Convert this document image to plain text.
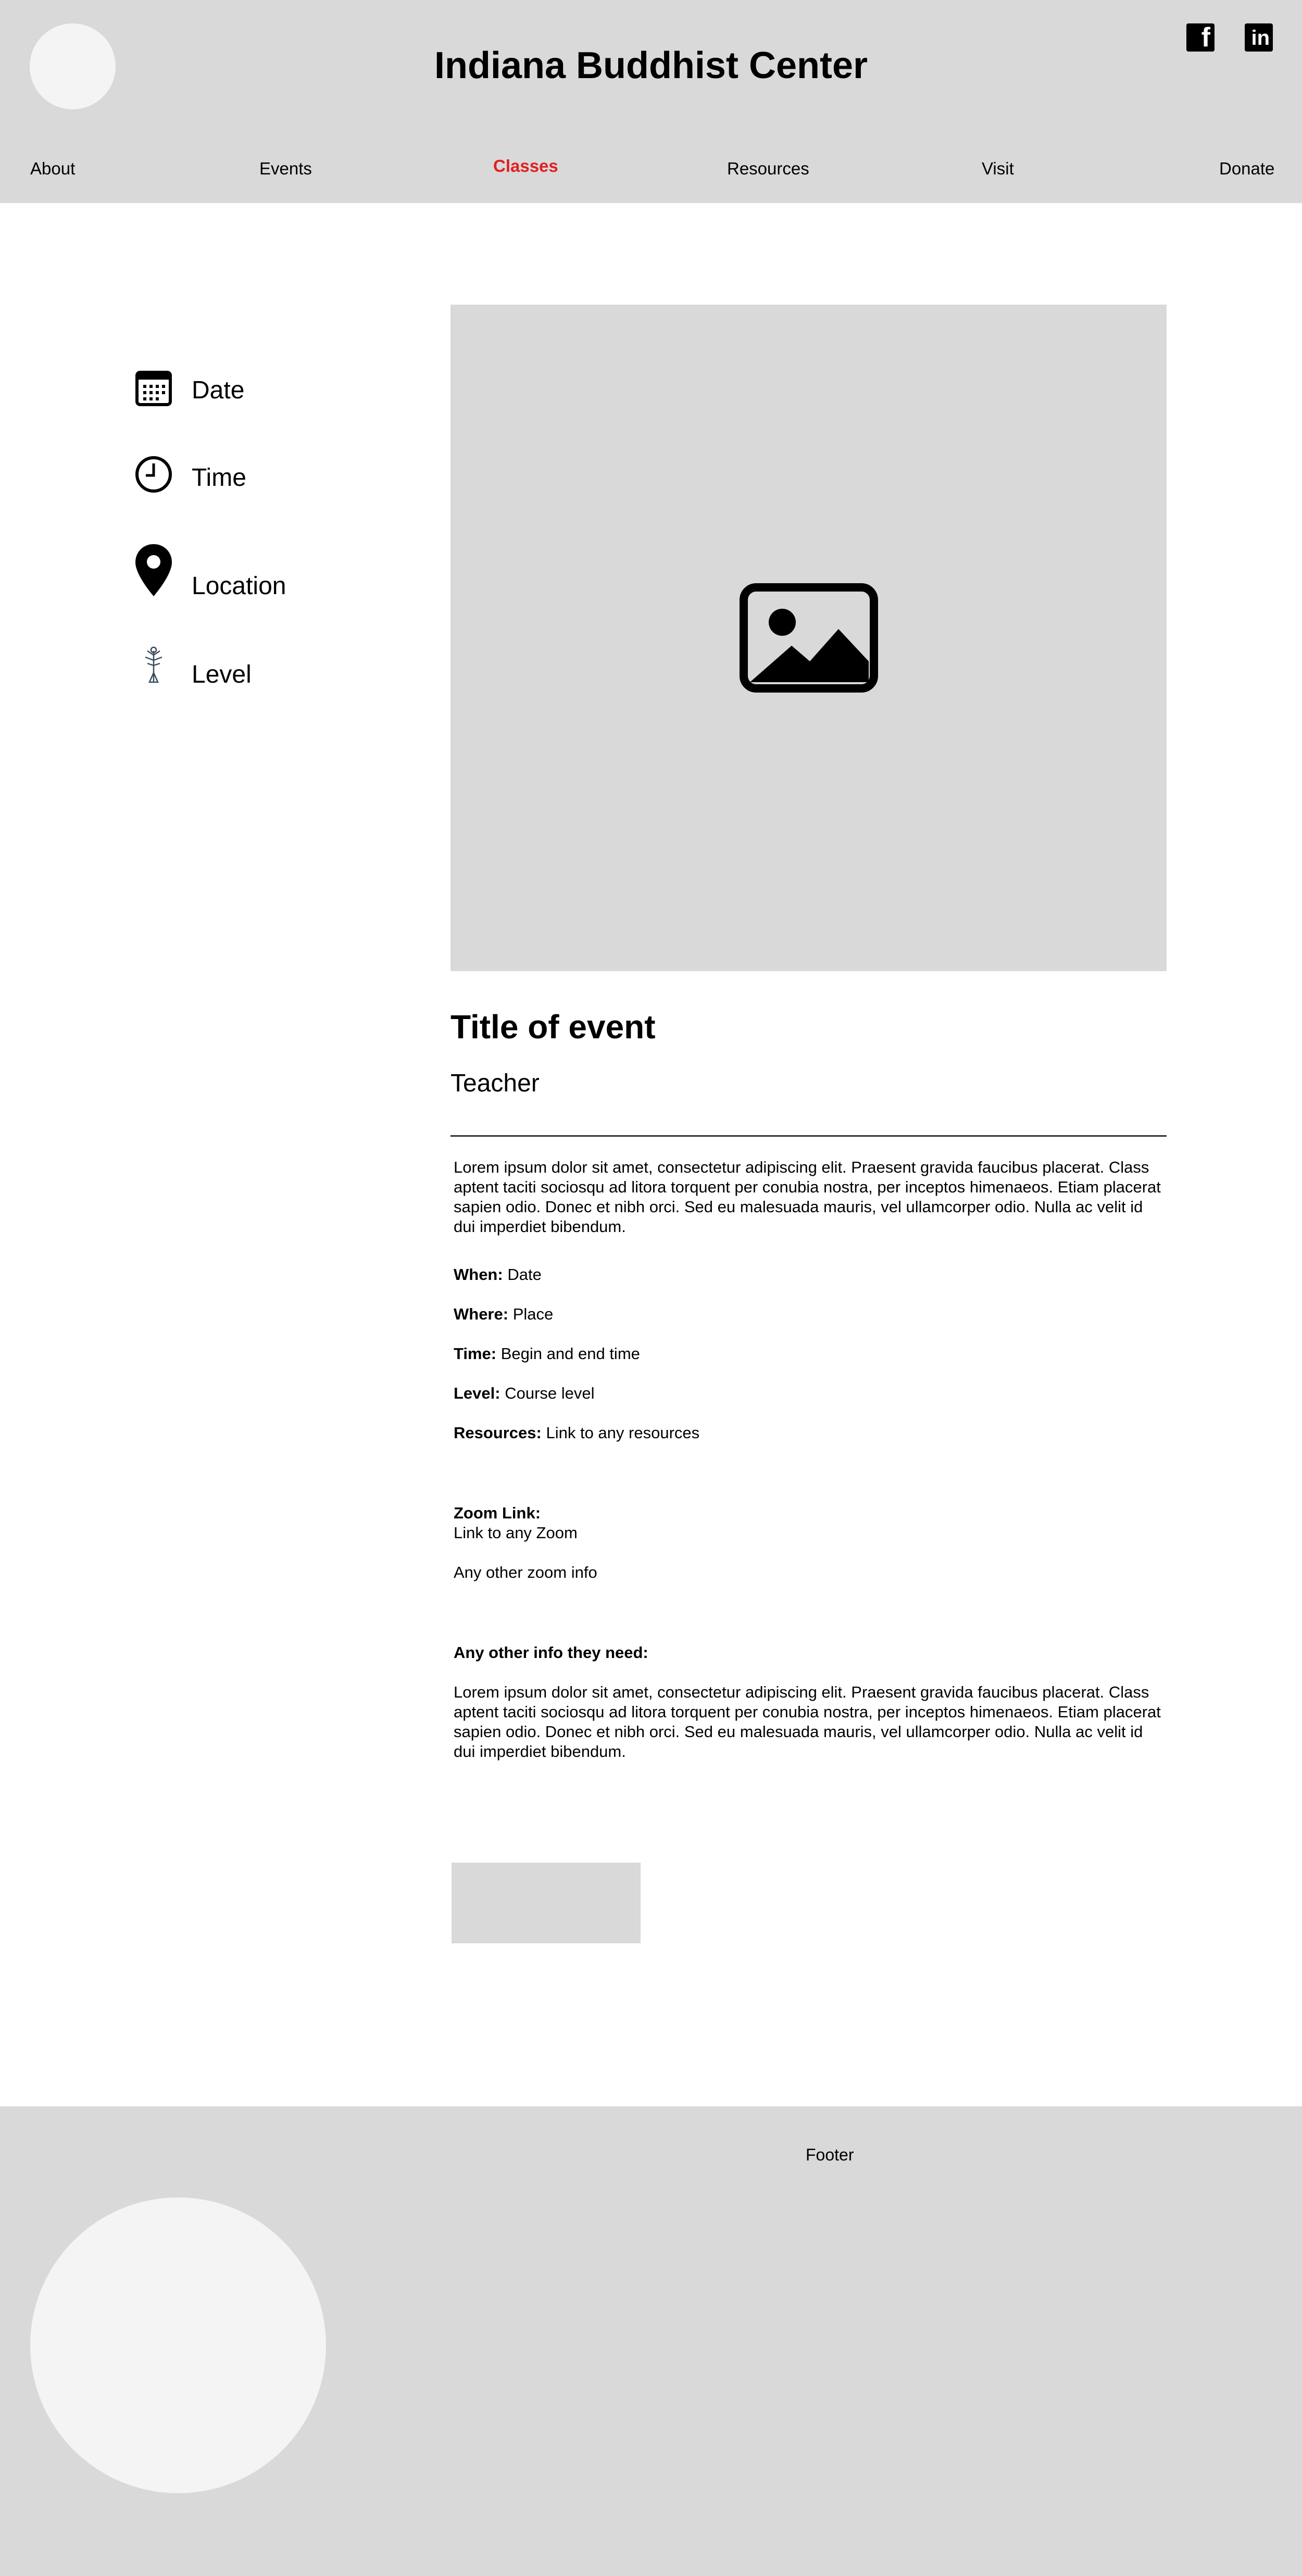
Indiana Buddhist Center
f	in
About	Events	Classes	Resources	Visit	Donate
Date
Time
Location
Level
Title of event
Teacher
Lorem ipsum dolor sit amet, consectetur adipiscing elit. Praesent gravida faucibus placerat. Class aptent taciti sociosqu ad litora torquent per conubia nostra, per inceptos himenaeos. Etiam placerat sapien odio. Donec et nibh orci. Sed eu malesuada mauris, vel ullamcorper odio. Nulla ac velit id dui imperdiet bibendum.
When: Date
Where: Place
Time: Begin and end time
Level: Course level
Resources: Link to any resources
Zoom Link:
Link to any Zoom
Any other zoom info
Any other info they need:
Lorem ipsum dolor sit amet, consectetur adipiscing elit. Praesent gravida faucibus placerat. Class aptent taciti sociosqu ad litora torquent per conubia nostra, per inceptos himenaeos. Etiam placerat sapien odio. Donec et nibh orci. Sed eu malesuada mauris, vel ullamcorper odio. Nulla ac velit id dui imperdiet bibendum.
Footer
